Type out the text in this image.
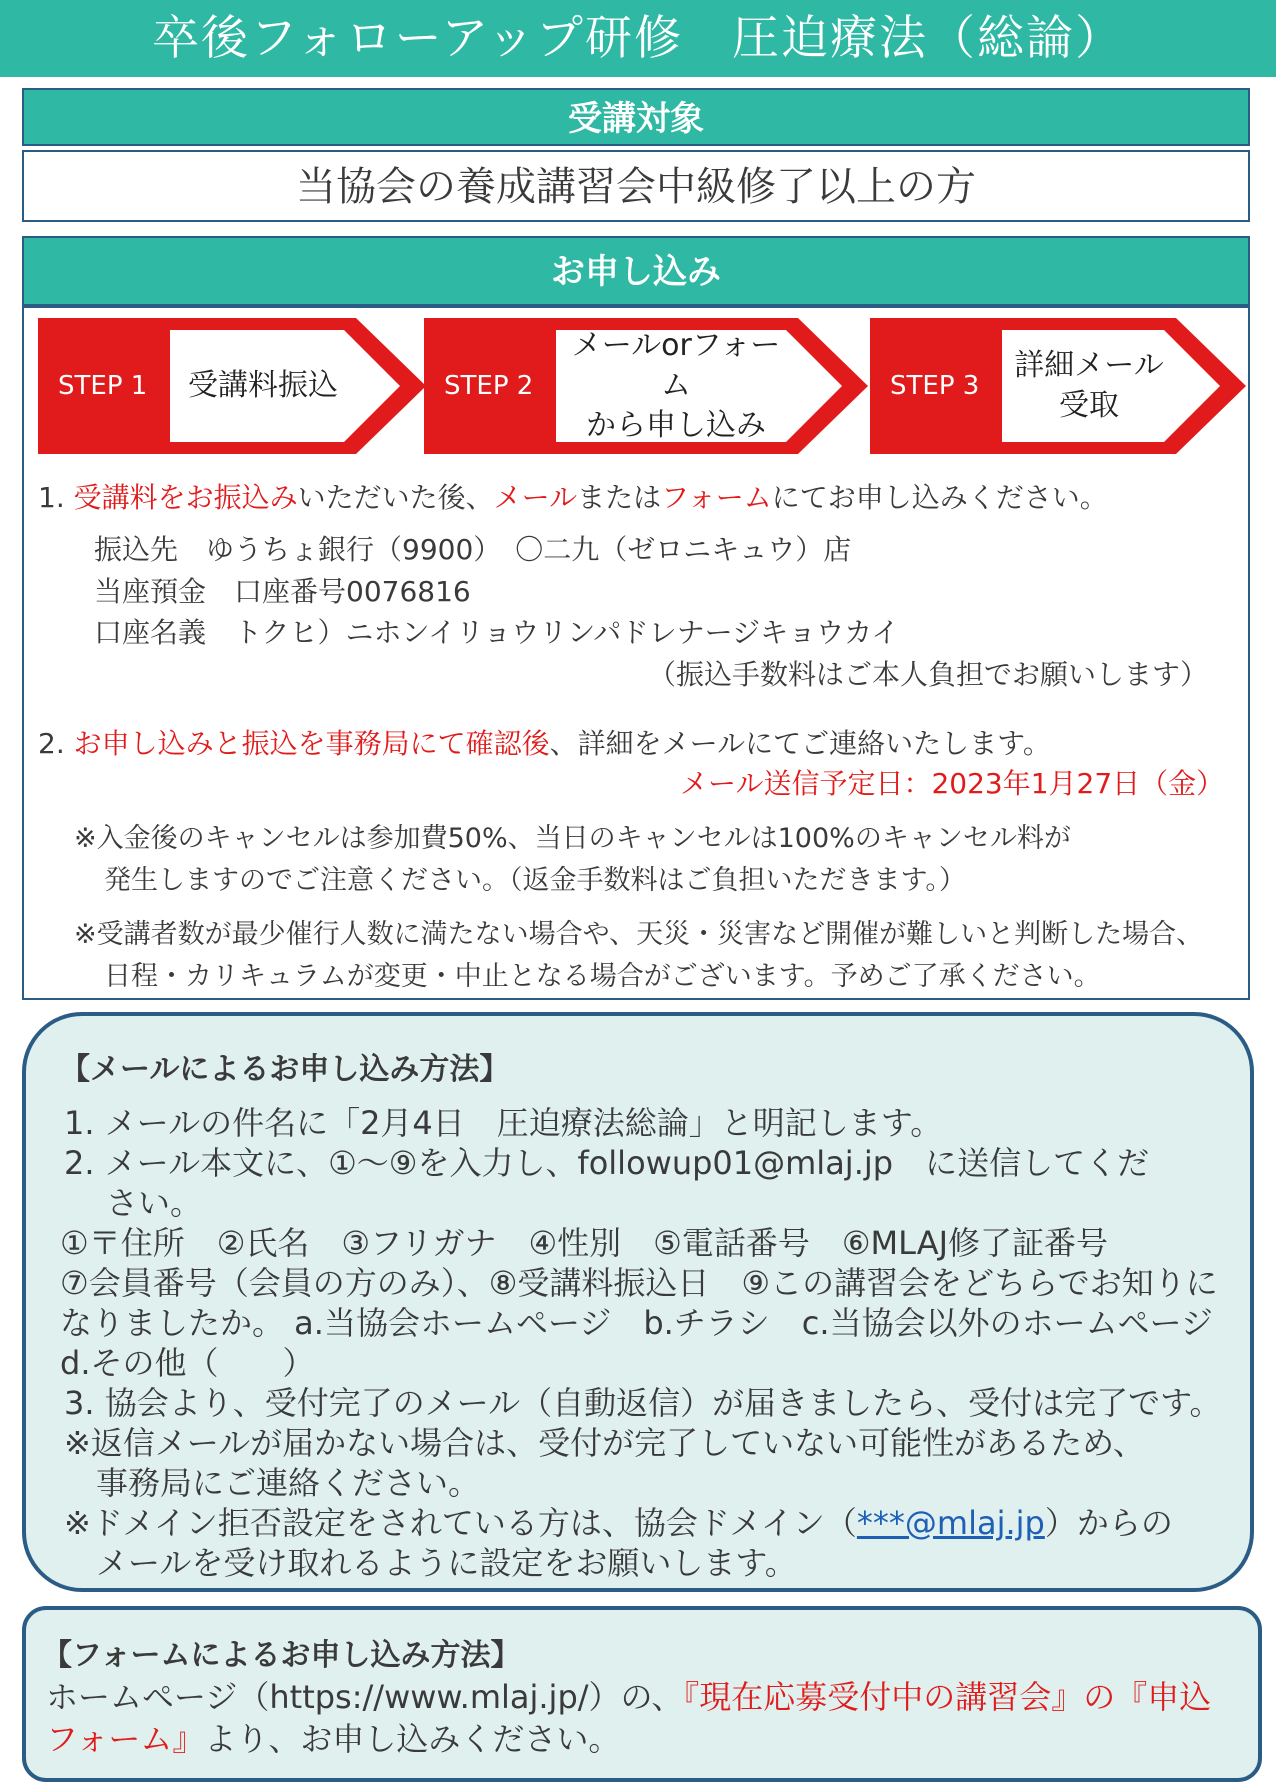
卒後フォローアップ研修　圧迫療法（総論）
受講対象
当協会の養成講習会中級修了以上の方
お申し込み
STEP 1 受講料振込	STEP 2
メールorフォーム
から申し込み
STEP 3
詳細メール
受取
1. 受講料をお振込みいただいた後、メールまたはフォームにてお申し込みください。
振込先　ゆうちょ銀行（9900）　〇二九（ゼロニキュウ）店
当座預金　口座番号0076816
口座名義　トクヒ）ニホンイリョウリンパドレナージキョウカイ
（振込手数料はご本人負担でお願いします）
2. お申し込みと振込を事務局にて確認後、詳細をメールにてご連絡いたします。
メール送信予定日：2023年1月27日（金）
※入金後のキャンセルは参加費50%、当日のキャンセルは100%のキャンセル料が
発生しますのでご注意ください。（返金手数料はご負担いただきます。）
※受講者数が最少催行人数に満たない場合や、天災・災害など開催が難しいと判断した場合、
日程・カリキュラムが変更・中止となる場合がございます。予めご了承ください。
【メールによるお申し込み方法】
1. メールの件名に「2月4日　圧迫療法総論」と明記します。
2. メール本文に、①～⑨を入力し、followup01@mlaj.jp　に送信してくだ
さい。
①〒住所　②氏名　③フリガナ　④性別　⑤電話番号　⑥MLAJ修了証番号
⑦会員番号（会員の方のみ）、⑧受講料振込日　⑨この講習会をどちらでお知りに
なりましたか。 a.当協会ホームページ　b.チラシ　c.当協会以外のホームページ
d.その他（　　）
3. 協会より、受付完了のメール（自動返信）が届きましたら、受付は完了です。
※返信メールが届かない場合は、受付が完了していない可能性があるため、
事務局にご連絡ください。
※ドメイン拒否設定をされている方は、協会ドメイン（***@mlaj.jp）からの
メールを受け取れるように設定をお願いします。
【フォームによるお申し込み方法】
ホームページ（https://www.mlaj.jp/）の、『現在応募受付中の講習会』の『申込
フォーム』より、お申し込みください。
